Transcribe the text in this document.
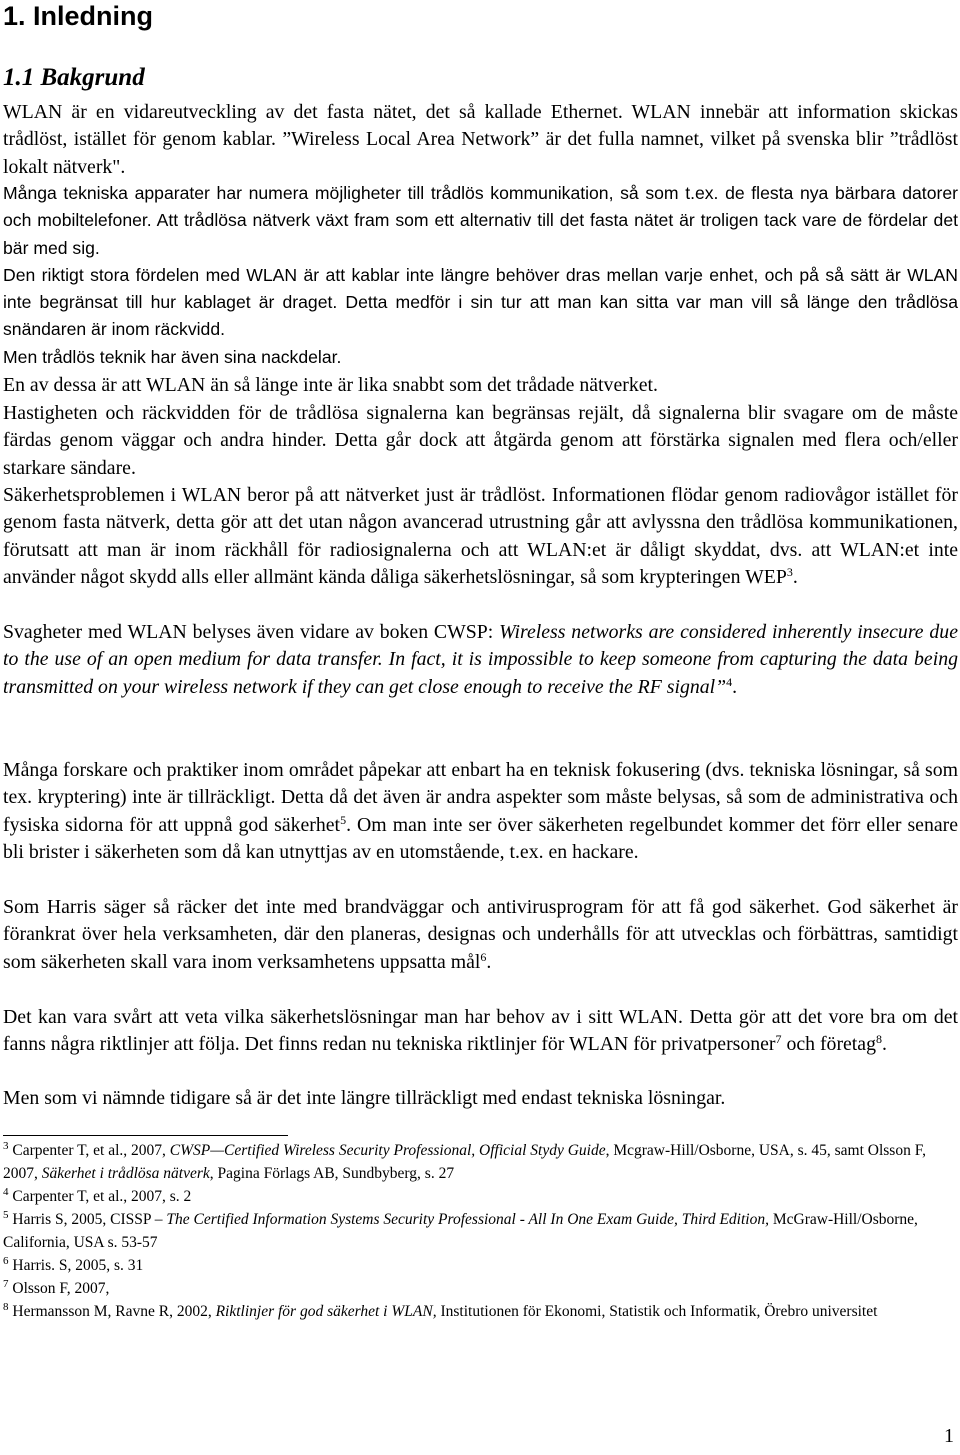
1. Inledning
1.1 Bakgrund

WLAN är en vidareutveckling av det fasta nätet, det så kallade Ethernet. WLAN innebär att information skickas trådlöst, istället för genom kablar. ”Wireless Local Area Network” är det fulla namnet, vilket på svenska blir ”trådlöst lokalt nätverk".

Många tekniska apparater har numera möjligheter till trådlös kommunikation, så som t.ex. de flesta nya bärbara datorer och mobiltelefoner. Att trådlösa nätverk växt fram som ett alternativ till det fasta nätet är troligen tack vare de fördelar det bär med sig.

Den riktigt stora fördelen med WLAN är att kablar inte längre behöver dras mellan varje enhet, och på så sätt är WLAN inte begränsat till hur kablaget är draget. Detta medför i sin tur att man kan sitta var man vill så länge den trådlösa snändaren är inom räckvidd.

Men trådlös teknik har även sina nackdelar.

En av dessa är att WLAN än så länge inte är lika snabbt som det trådade nätverket.

Hastigheten och räckvidden för de trådlösa signalerna kan begränsas rejält, då signalerna blir svagare om de måste färdas genom väggar och andra hinder. Detta går dock att åtgärda genom att förstärka signalen med flera och/eller starkare sändare.

Säkerhetsproblemen i WLAN beror på att nätverket just är trådlöst. Informationen flödar genom radiovågor istället för genom fasta nätverk, detta gör att det utan någon avancerad utrustning går att avlyssna den trådlösa kommunikationen, förutsatt att man är inom räckhåll för radiosignalerna och att WLAN:et är dåligt skyddat, dvs. att WLAN:et inte använder något skydd alls eller allmänt kända dåliga säkerhetslösningar, så som krypteringen WEP$^3$.

Svagheter med WLAN belyses även vidare av boken CWSP: Wireless networks are considered inherently insecure due to the use of an open medium for data transfer. In fact, it is impossible to keep someone from capturing the data being transmitted on your wireless network if they can get close enough to receive the RF signal”$^4$.

Många forskare och praktiker inom området påpekar att enbart ha en teknisk fokusering (dvs. tekniska lösningar, så som tex. kryptering) inte är tillräckligt. Detta då det även är andra aspekter som måste belysas, så som de administrativa och fysiska sidorna för att uppnå god säkerhet$^5$. Om man inte ser över säkerheten regelbundet kommer det förr eller senare bli brister i säkerheten som då kan utnyttjas av en utomstående, t.ex. en hackare.

Som Harris säger så räcker det inte med brandväggar och antivirusprogram för att få god säkerhet. God säkerhet är förankrat över hela verksamheten, där den planeras, designas och underhålls för att utvecklas och förbättras, samtidigt som säkerheten skall vara inom verksamhetens uppsatta mål$^6$.

Det kan vara svårt att veta vilka säkerhetslösningar man har behov av i sitt WLAN. Detta gör att det vore bra om det fanns några riktlinjer att följa. Det finns redan nu tekniska riktlinjer för WLAN för privatpersoner$^7$ och företag$^8$.

Men som vi nämnde tidigare så är det inte längre tillräckligt med endast tekniska lösningar.

$^3$ Carpenter T, et al., 2007, CWSP—Certified Wireless Security Professional, Official Stydy Guide, Mcgraw-Hill/Osborne, USA, s. 45, samt Olsson F, 2007, Säkerhet i trådlösa nätverk, Pagina Förlags AB, Sundbyberg, s. 27

$^4$ Carpenter T, et al., 2007, s. 2

$^5$ Harris S, 2005, CISSP – The Certified Information Systems Security Professional - All In One Exam Guide, Third Edition, McGraw-Hill/Osborne, California, USA s. 53-57

$^6$ Harris. S, 2005, s. 31

$^7$ Olsson F, 2007,

$^8$ Hermansson M, Ravne R, 2002, Riktlinjer för god säkerhet i WLAN, Institutionen för Ekonomi, Statistik och Informatik, Örebro universitet

1
